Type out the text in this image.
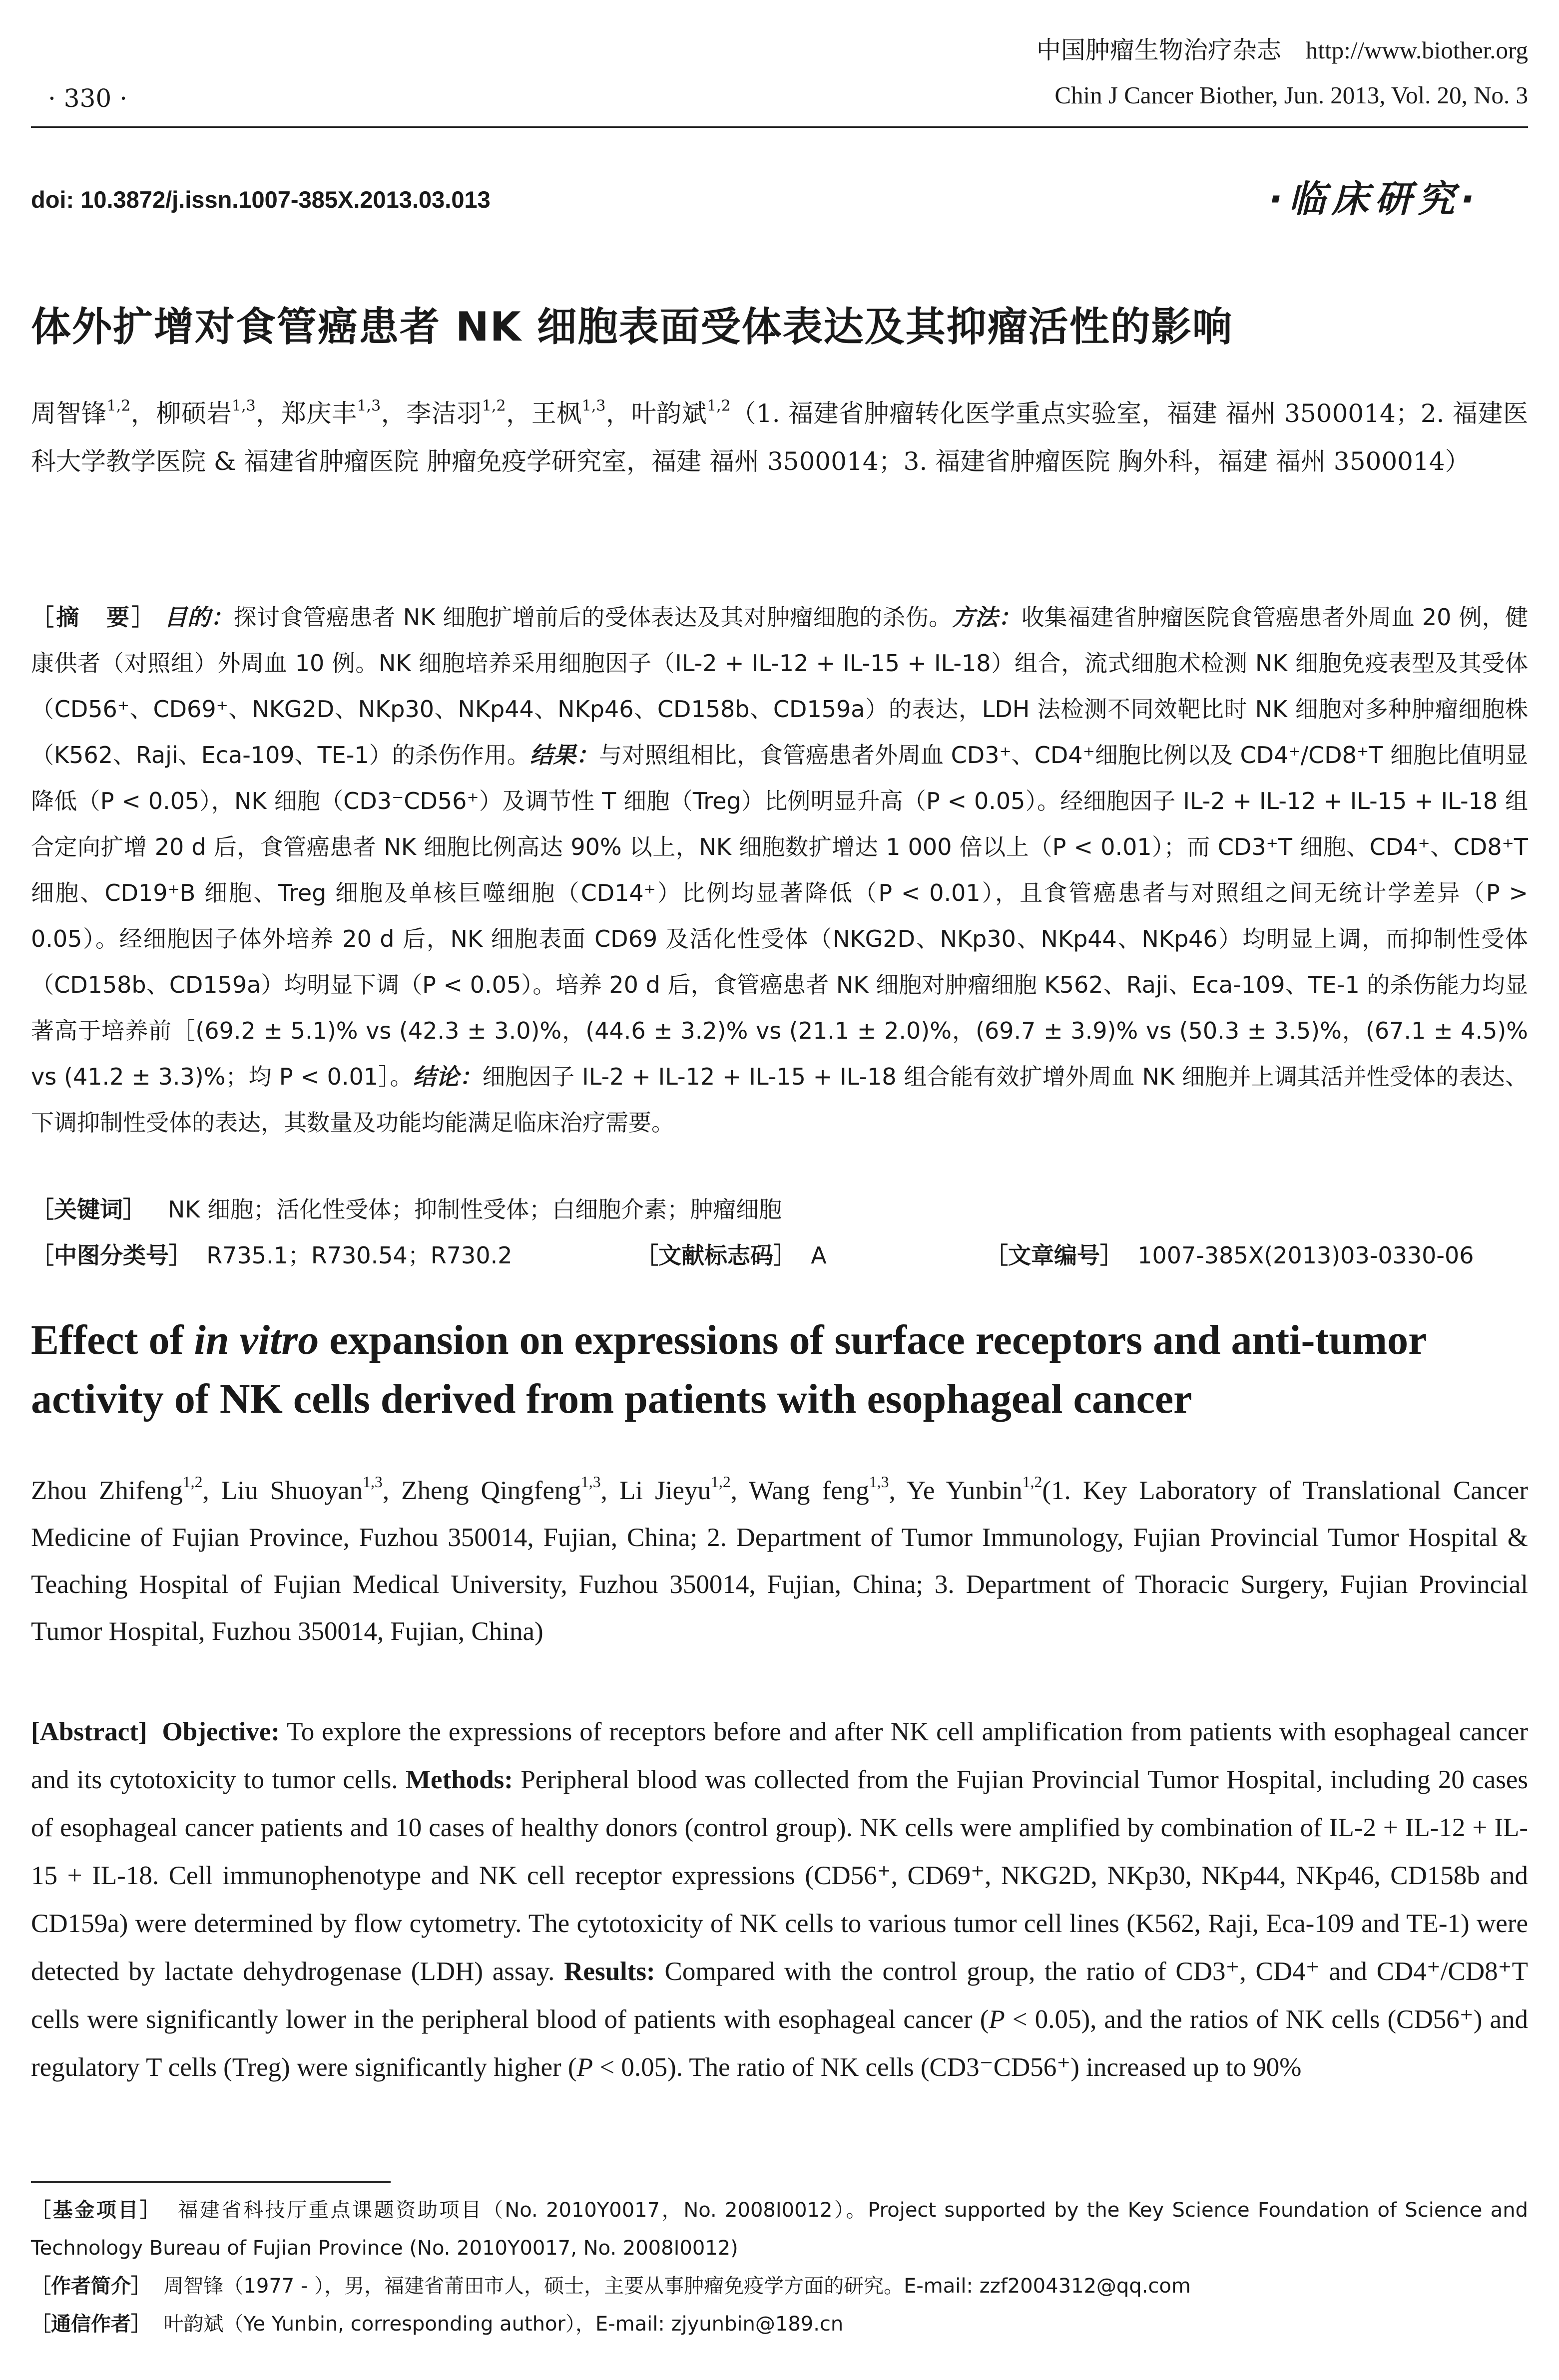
· 330 ·
中国肿瘤生物治疗杂志 http://www.biother.org
Chin J Cancer Biother, Jun. 2013, Vol. 20, No. 3
doi: 10.3872/j.issn.1007-385X.2013.03.013	·临床研究·
体外扩增对食管癌患者 NK 细胞表面受体表达及其抑瘤活性的影响
周智锋$^{1,2}$，柳硕岩$^{1,3}$，郑庆丰$^{1,3}$，李洁羽$^{1,2}$，王枫$^{1,3}$，叶韵斌$^{1,2}$（1. 福建省肿瘤转化医学重点实验室，福建 福州 3500014；2. 福建医科大学教学医院 & 福建省肿瘤医院 肿瘤免疫学研究室，福建 福州 3500014；3. 福建省肿瘤医院 胸外科，福建 福州 3500014）
［摘　要］ 目的：探讨食管癌患者 NK 细胞扩增前后的受体表达及其对肿瘤细胞的杀伤。方法：收集福建省肿瘤医院食管癌患者外周血 20 例，健康供者（对照组）外周血 10 例。NK 细胞培养采用细胞因子（IL-2 + IL-12 + IL-15 + IL-18）组合，流式细胞术检测 NK 细胞免疫表型及其受体（CD56⁺、CD69⁺、NKG2D、NKp30、NKp44、NKp46、CD158b、CD159a）的表达，LDH 法检测不同效靶比时 NK 细胞对多种肿瘤细胞株（K562、Raji、Eca-109、TE-1）的杀伤作用。结果：与对照组相比，食管癌患者外周血 CD3⁺、CD4⁺细胞比例以及 CD4⁺/CD8⁺T 细胞比值明显降低（P < 0.05），NK 细胞（CD3⁻CD56⁺）及调节性 T 细胞（Treg）比例明显升高（P < 0.05）。经细胞因子 IL-2 + IL-12 + IL-15 + IL-18 组合定向扩增 20 d 后，食管癌患者 NK 细胞比例高达 90% 以上，NK 细胞数扩增达 1 000 倍以上（P < 0.01）；而 CD3⁺T 细胞、CD4⁺、CD8⁺T 细胞、CD19⁺B 细胞、Treg 细胞及单核巨噬细胞（CD14⁺）比例均显著降低（P < 0.01），且食管癌患者与对照组之间无统计学差异（P > 0.05）。经细胞因子体外培养 20 d 后，NK 细胞表面 CD69 及活化性受体（NKG2D、NKp30、NKp44、NKp46）均明显上调，而抑制性受体（CD158b、CD159a）均明显下调（P < 0.05）。培养 20 d 后，食管癌患者 NK 细胞对肿瘤细胞 K562、Raji、Eca-109、TE-1 的杀伤能力均显著高于培养前［(69.2 ± 5.1)% vs (42.3 ± 3.0)%，(44.6 ± 3.2)% vs (21.1 ± 2.0)%，(69.7 ± 3.9)% vs (50.3 ± 3.5)%，(67.1 ± 4.5)% vs (41.2 ± 3.3)%；均 P < 0.01］。结论：细胞因子 IL-2 + IL-12 + IL-15 + IL-18 组合能有效扩增外周血 NK 细胞并上调其活并性受体的表达、下调抑制性受体的表达，其数量及功能均能满足临床治疗需要。
［关键词］ NK 细胞；活化性受体；抑制性受体；白细胞介素；肿瘤细胞
［中图分类号］ R735.1；R730.54；R730.2	［文献标志码］ A	［文章编号］ 1007-385X(2013)03-0330-06
Effect of in vitro expansion on expressions of surface receptors and anti-tumor activity of NK cells derived from patients with esophageal cancer
Zhou Zhifeng$^{1,2}$, Liu Shuoyan$^{1,3}$, Zheng Qingfeng$^{1,3}$, Li Jieyu$^{1,2}$, Wang feng$^{1,3}$, Ye Yunbin$^{1,2}$(1. Key Laboratory of Translational Cancer Medicine of Fujian Province, Fuzhou 350014, Fujian, China; 2. Department of Tumor Immunology, Fujian Provincial Tumor Hospital & Teaching Hospital of Fujian Medical University, Fuzhou 350014, Fujian, China; 3. Department of Thoracic Surgery, Fujian Provincial Tumor Hospital, Fuzhou 350014, Fujian, China)
[Abstract] Objective: To explore the expressions of receptors before and after NK cell amplification from patients with esophageal cancer and its cytotoxicity to tumor cells. Methods: Peripheral blood was collected from the Fujian Provincial Tumor Hospital, including 20 cases of esophageal cancer patients and 10 cases of healthy donors (control group). NK cells were amplified by combination of IL-2 + IL-12 + IL-15 + IL-18. Cell immunophenotype and NK cell receptor expressions (CD56⁺, CD69⁺, NKG2D, NKp30, NKp44, NKp46, CD158b and CD159a) were determined by flow cytometry. The cytotoxicity of NK cells to various tumor cell lines (K562, Raji, Eca-109 and TE-1) were detected by lactate dehydrogenase (LDH) assay. Results: Compared with the control group, the ratio of CD3⁺, CD4⁺ and CD4⁺/CD8⁺T cells were significantly lower in the peripheral blood of patients with esophageal cancer (P < 0.05), and the ratios of NK cells (CD56⁺) and regulatory T cells (Treg) were significantly higher (P < 0.05). The ratio of NK cells (CD3⁻CD56⁺) increased up to 90%
［基金项目］ 福建省科技厅重点课题资助项目（No. 2010Y0017，No. 2008I0012）。Project supported by the Key Science Foundation of Science and Technology Bureau of Fujian Province (No. 2010Y0017, No. 2008I0012)
［作者简介］ 周智锋（1977 - ），男，福建省莆田市人，硕士，主要从事肿瘤免疫学方面的研究。E-mail: zzf2004312@qq.com
［通信作者］ 叶韵斌（Ye Yunbin, corresponding author），E-mail: zjyunbin@189.cn
